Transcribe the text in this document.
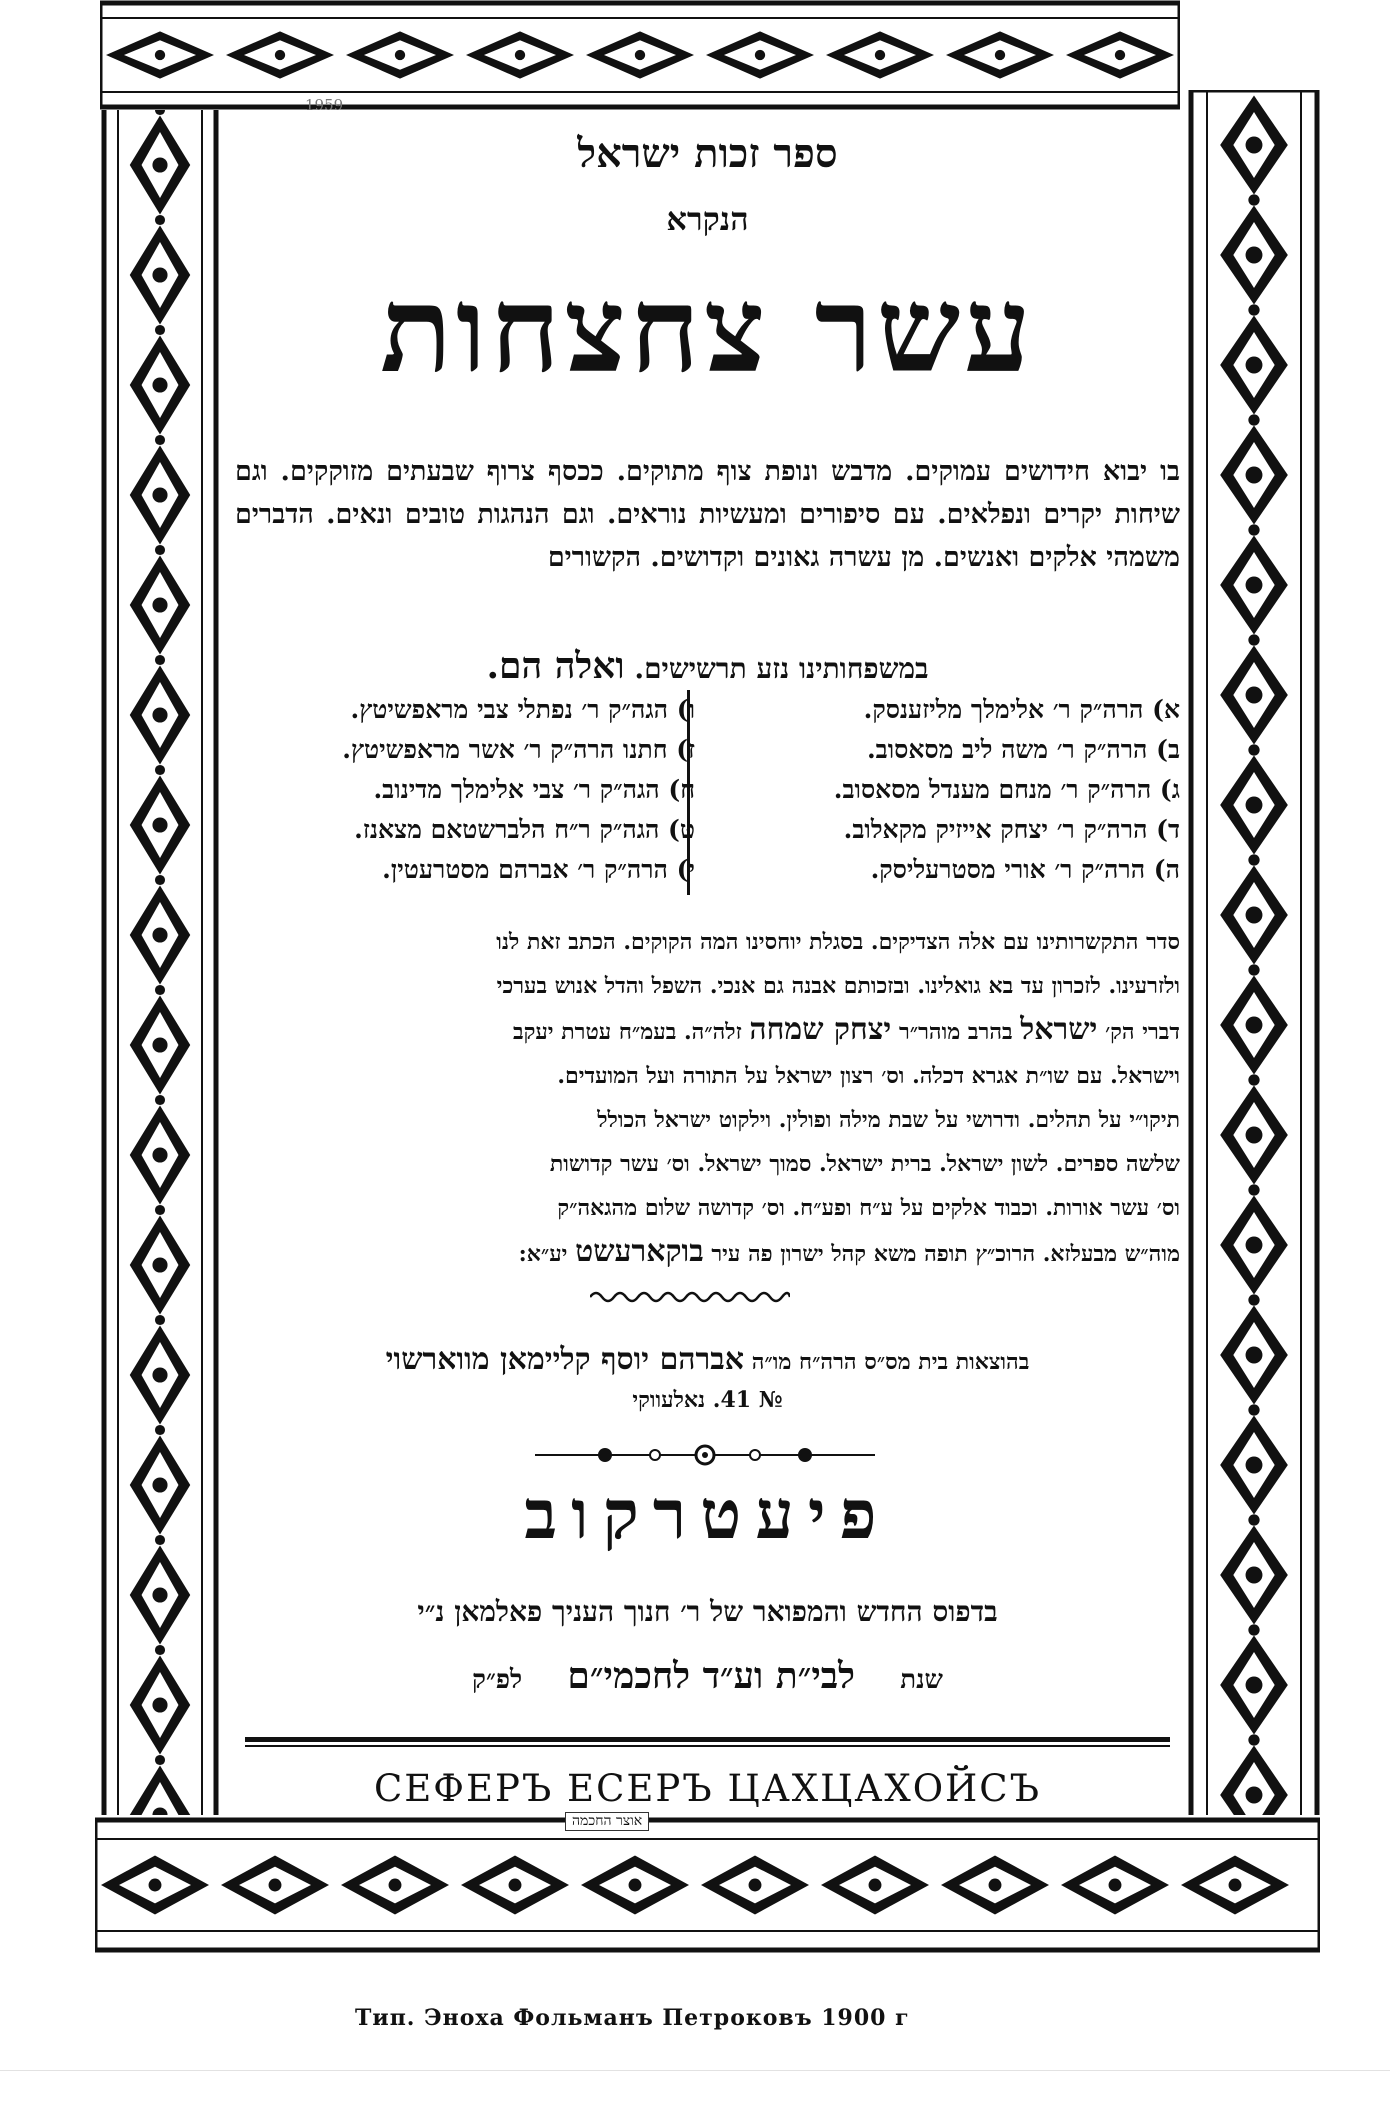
1959
ספר זכות ישראל
הנקרא
עשר צחצחות
בו יבוא חידושים עמוקים. מדבש ונופת צוף מתוקים. ככסף צרוף שבעתים מזוקקים. וגם שיחות יקרים ונפלאים. עם סיפורים ומעשיות נוראים. וגם הנהגות טובים ונאים. הדברים משמהי אלקים ואנשים. מן עשרה גאונים וקדושים. הקשורים
במשפחותינו נזע תרשישים. ואלה הם.
א) הרה״ק ר׳ אלימלך מליזענסק.
ב) הרה״ק ר׳ משה ליב מסאסוב.
ג) הרה״ק ר׳ מנחם מענדל מסאסוב.
ד) הרה״ק ר׳ יצחק אייזיק מקאלוב.
ה) הרה״ק ר׳ אורי מסטרעליסק.
ו) הגה״ק ר׳ נפתלי צבי מראפשיטץ.
ז) חתנו הרה״ק ר׳ אשר מראפשיטץ.
ח) הגה״ק ר׳ צבי אלימלך מדינוב.
ט) הגה״ק ר״ח הלברשטאם מצאנז.
י) הרה״ק ר׳ אברהם מסטרעטין.
סדר התקשרותינו עם אלה הצדיקים. בסגלת יוחסינו המה הקוקים. הכתב זאת לנו
ולזרעינו. לזכרון עד בא גואלינו. ובזכותם אבנה גם אנכי. השפל והדל אנוש בערכי
דברי הק׳ ישראל בהרב מוהר״ר יצחק שמחה זלה״ה. בעמ״ח עטרת יעקב
וישראל. עם שו״ת אגרא דכלה. וס׳ רצון ישראל על התורה ועל המועדים.
תיקו״י על תהלים. ודרושי על שבת מילה ופולין. וילקוט ישראל הכולל
שלשה ספרים. לשון ישראל. ברית ישראל. סמוך ישראל. וס׳ עשר קדושות
וס׳ עשר אורות. וכבוד אלקים על ע״ח ופע״ח. וס׳ קדושה שלום מהגאה״ק
מוה״ש מבעלזא. הרוכ״ץ תופה משא קהל ישרון פה עיר בוקארעשט יע״א:
בהוצאות בית מס״ס הרה״ח מו״ה אברהם יוסף קליימאן מווארשוי
№ 41. נאלעווקי
פיעטרקוב
בדפוס החדש והמפואר של ר׳ חנוך העניך פאלמאן נ״י
שנת     לבי״ת וע״ד לחכמי״ם     לפ״ק
СЕФЕРЪ ЕСЕРЪ ЦАХЦАХОЙСЪ
אוצר החכמה
Тип. Эноха Фольманъ Петроковъ 1900 г
